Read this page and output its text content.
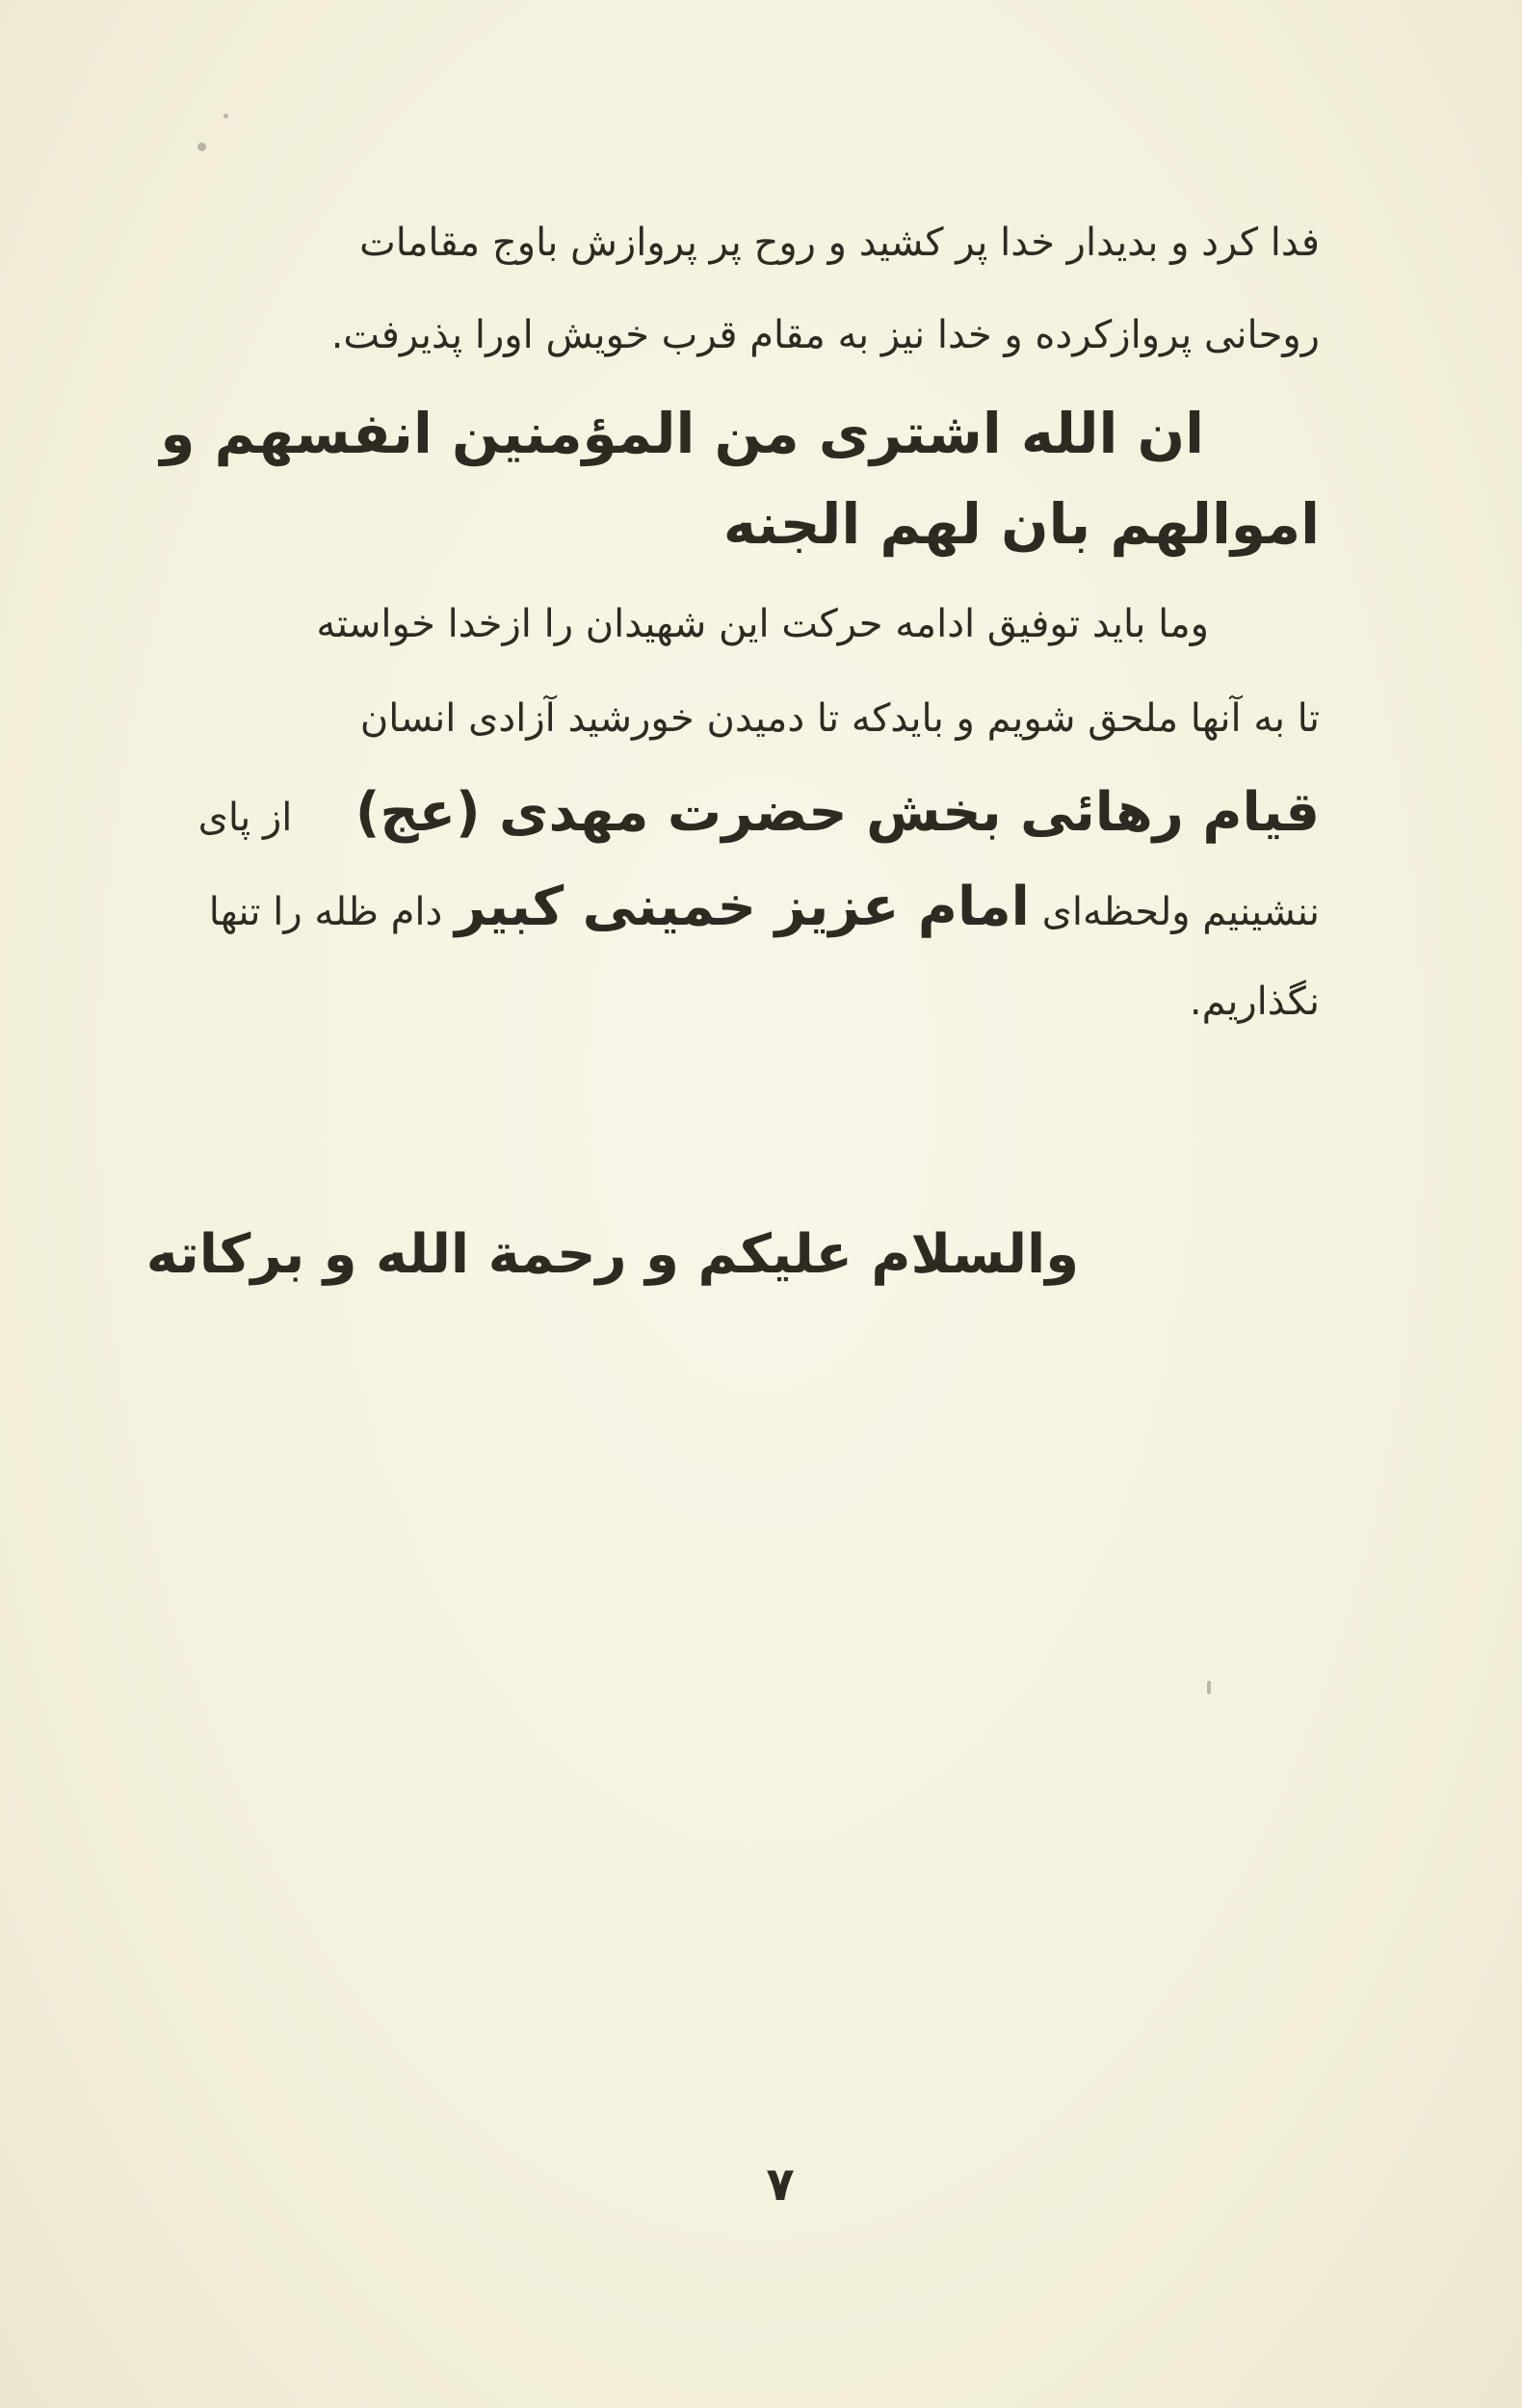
فدا کرد و بدیدار خدا پر کشید و روح پر پروازش باوج مقامات
روحانی پروازکرده و خدا نیز به مقام قرب خویش اورا پذیرفت.
ان الله اشتری من المؤمنین انفسهم و
اموالهم بان لهم الجنه
وما باید توفیق ادامه حرکت این شهیدان را ازخدا خواسته
تا به آنها ملحق شویم و بایدکه تا دمیدن خورشید آزادی انسان
قیام رهائی بخش حضرت مهدی (عج)  از پای
ننشینیم ولحظه‌ای امام عزیز خمینی کبیر دام ظله را تنها
نگذاریم.
والسلام علیکم و رحمة الله و برکاته
۷
